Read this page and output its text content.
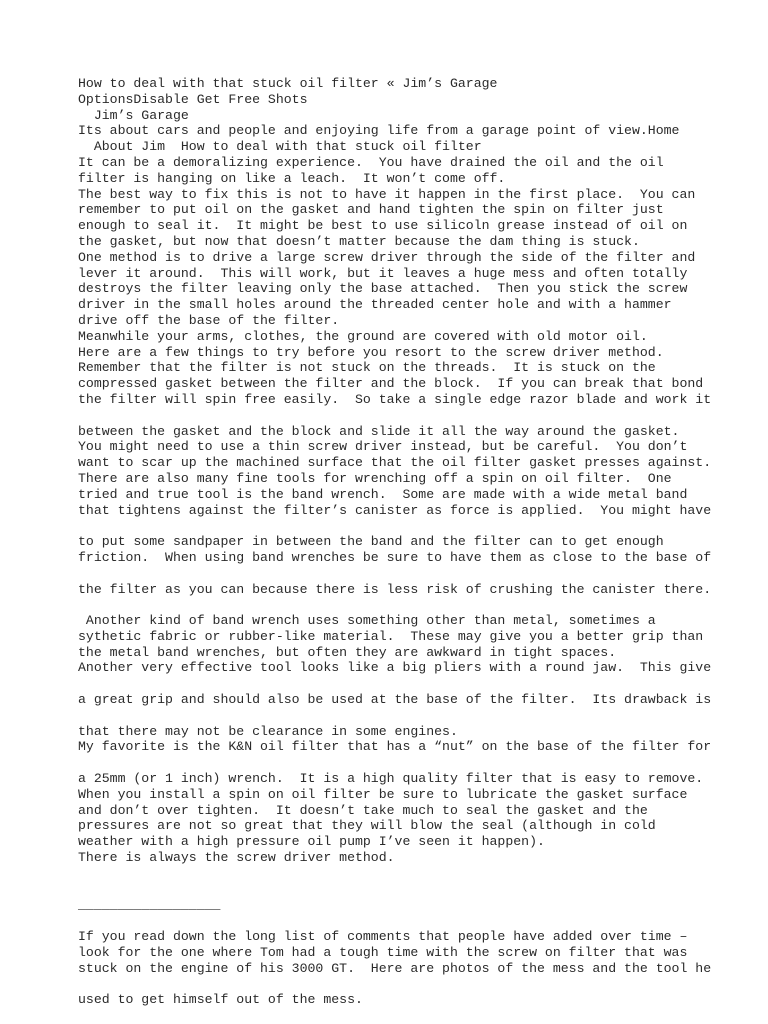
How to deal with that stuck oil filter « Jim’s Garage
OptionsDisable Get Free Shots
Jim’s Garage
Its about cars and people and enjoying life from a garage point of view.Home
About Jim  How to deal with that stuck oil filter
It can be a demoralizing experience.  You have drained the oil and the oil
filter is hanging on like a leach.  It won’t come off.
The best way to fix this is not to have it happen in the first place.  You can
remember to put oil on the gasket and hand tighten the spin on filter just
enough to seal it.  It might be best to use silicoln grease instead of oil on
the gasket, but now that doesn’t matter because the dam thing is stuck.
One method is to drive a large screw driver through the side of the filter and
lever it around.  This will work, but it leaves a huge mess and often totally
destroys the filter leaving only the base attached.  Then you stick the screw
driver in the small holes around the threaded center hole and with a hammer
drive off the base of the filter.
Meanwhile your arms, clothes, the ground are covered with old motor oil.
Here are a few things to try before you resort to the screw driver method.
Remember that the filter is not stuck on the threads.  It is stuck on the
compressed gasket between the filter and the block.  If you can break that bond
the filter will spin free easily.  So take a single edge razor blade and work it
between the gasket and the block and slide it all the way around the gasket.
You might need to use a thin screw driver instead, but be careful.  You don’t
want to scar up the machined surface that the oil filter gasket presses against.
There are also many fine tools for wrenching off a spin on oil filter.  One
tried and true tool is the band wrench.  Some are made with a wide metal band
that tightens against the filter’s canister as force is applied.  You might have
to put some sandpaper in between the band and the filter can to get enough
friction.  When using band wrenches be sure to have them as close to the base of
the filter as you can because there is less risk of crushing the canister there.
Another kind of band wrench uses something other than metal, sometimes a
sythetic fabric or rubber-like material.  These may give you a better grip than
the metal band wrenches, but often they are awkward in tight spaces.
Another very effective tool looks like a big pliers with a round jaw.  This give
a great grip and should also be used at the base of the filter.  Its drawback is
that there may not be clearance in some engines.
My favorite is the K&N oil filter that has a “nut” on the base of the filter for
a 25mm (or 1 inch) wrench.  It is a high quality filter that is easy to remove.
When you install a spin on oil filter be sure to lubricate the gasket surface
and don’t over tighten.  It doesn’t take much to seal the gasket and the
pressures are not so great that they will blow the seal (although in cold
weather with a high pressure oil pump I’ve seen it happen).
There is always the screw driver method.
__________________
If you read down the long list of comments that people have added over time –
look for the one where Tom had a tough time with the screw on filter that was
stuck on the engine of his 3000 GT.  Here are photos of the mess and the tool he
used to get himself out of the mess.
